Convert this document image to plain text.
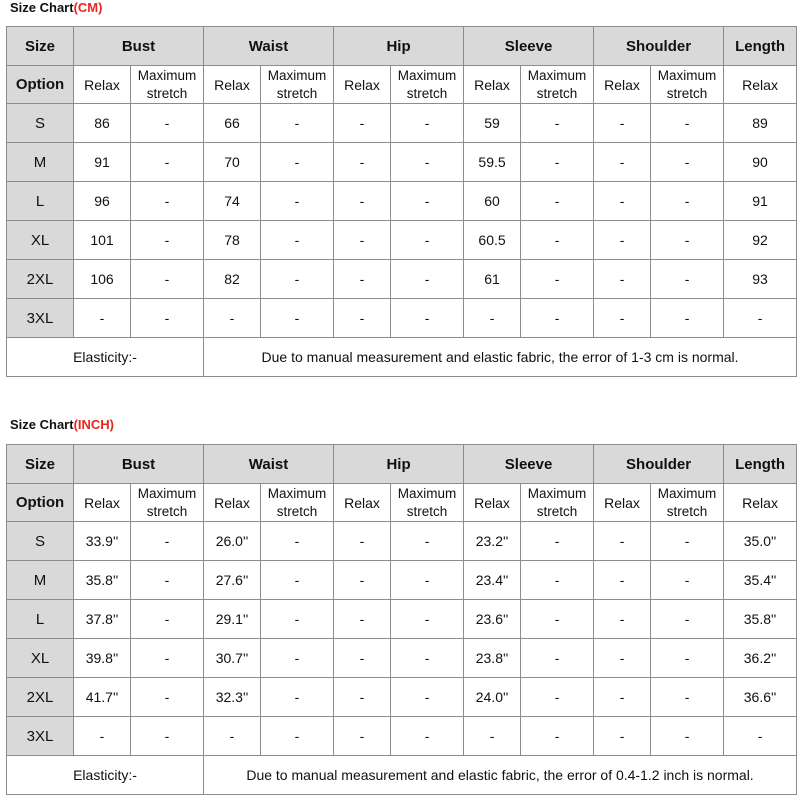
Size Chart(CM)
Size Chart(INCH)
Size	Bust		Waist		Hip		Sleeve		Shoulder		Length
Option	Relax	Maximum stretch	Relax	Maximum stretch	Relax	Maximum stretch	Relax	Maximum stretch	Relax	Maximum stretch	Relax
S	86	-	66	-	-	-	59	-	-	-	89
M	91	-	70	-	-	-	59.5	-	-	-	90
L	96	-	74	-	-	-	60	-	-	-	91
XL	101	-	78	-	-	-	60.5	-	-	-	92
2XL	106	-	82	-	-	-	61	-	-	-	93
3XL	-	-	-	-	-	-	-	-	-	-	-
Elasticity:-			Due to manual measurement and elastic fabric, the error of 1-3 cm is normal.								
Size	Bust		Waist		Hip		Sleeve		Shoulder		Length
Option	Relax	Maximum stretch	Relax	Maximum stretch	Relax	Maximum stretch	Relax	Maximum stretch	Relax	Maximum stretch	Relax
S	33.9''	-	26.0''	-	-	-	23.2''	-	-	-	35.0''
M	35.8''	-	27.6''	-	-	-	23.4''	-	-	-	35.4''
L	37.8''	-	29.1''	-	-	-	23.6''	-	-	-	35.8''
XL	39.8''	-	30.7''	-	-	-	23.8''	-	-	-	36.2''
2XL	41.7''	-	32.3''	-	-	-	24.0''	-	-	-	36.6''
3XL	-	-	-	-	-	-	-	-	-	-	-
Elasticity:-			Due to manual measurement and elastic fabric, the error of 0.4-1.2 inch is normal.								
